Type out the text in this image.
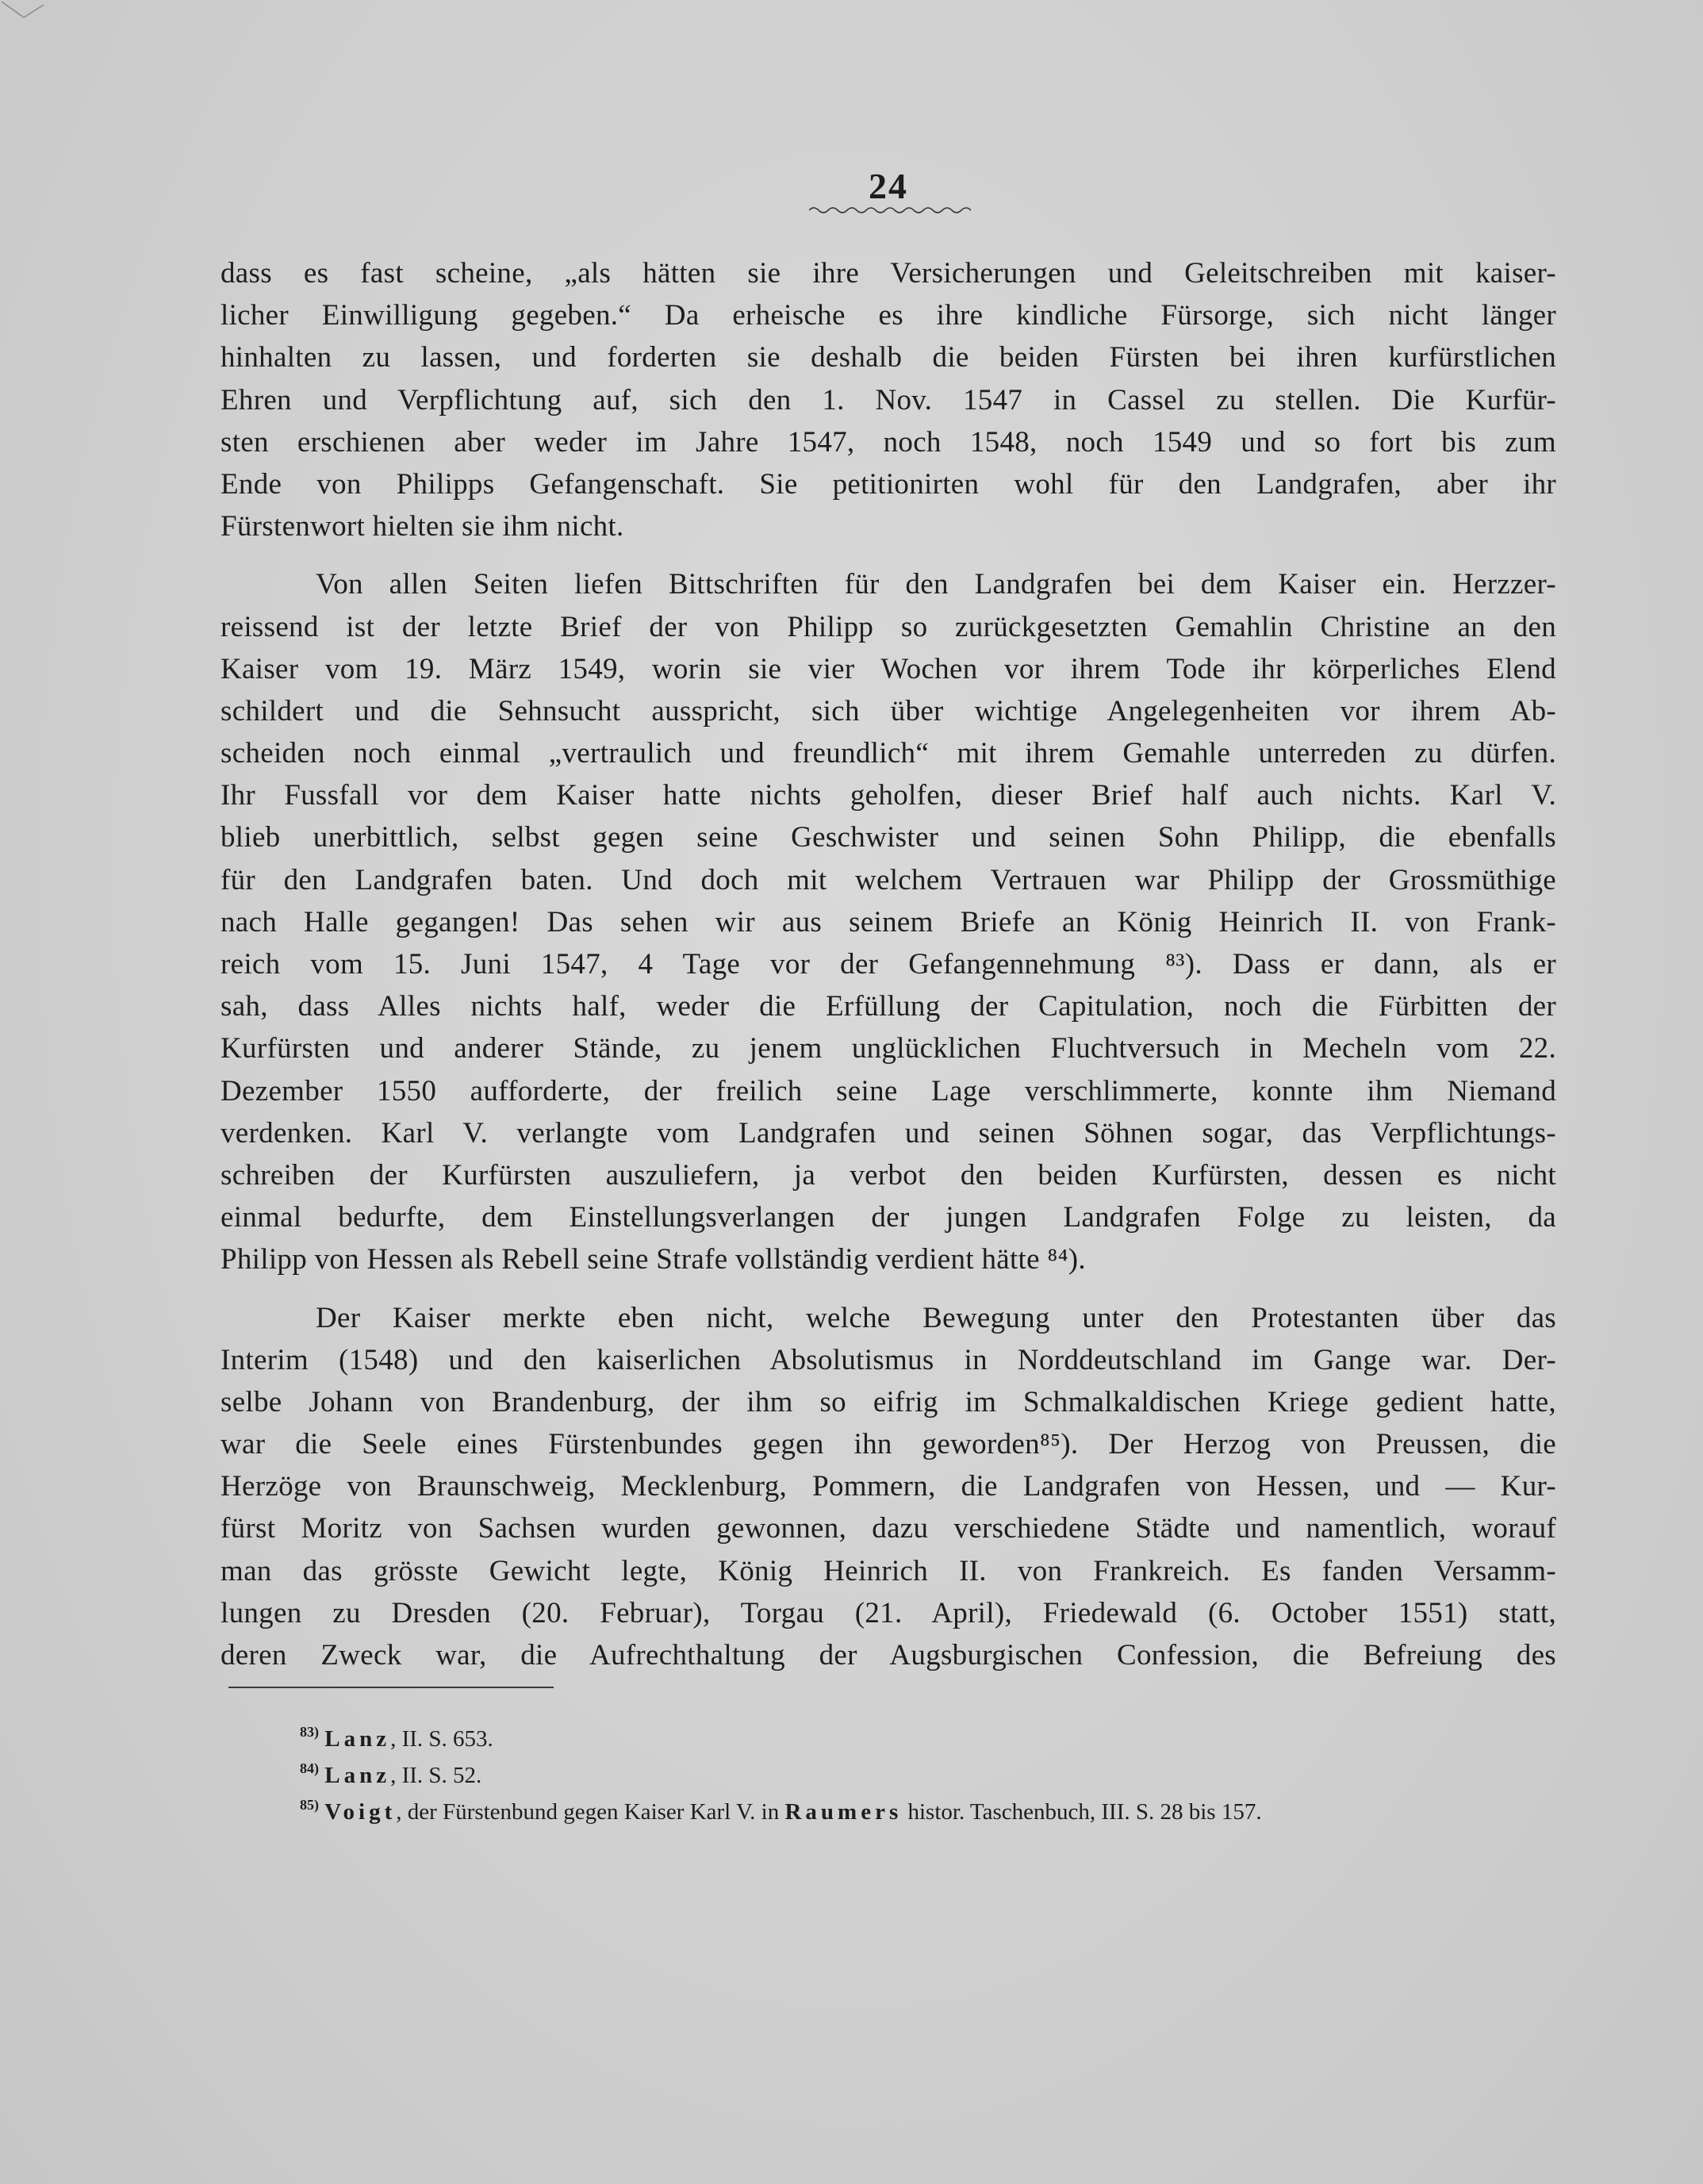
24
dass es fast scheine, „als hätten sie ihre Versicherungen und Geleitschreiben mit kaiser-
licher Einwilligung gegeben.“ Da erheische es ihre kindliche Fürsorge, sich nicht länger
hinhalten zu lassen, und forderten sie deshalb die beiden Fürsten bei ihren kurfürstlichen
Ehren und Verpflichtung auf, sich den 1. Nov. 1547 in Cassel zu stellen. Die Kurfür-
sten erschienen aber weder im Jahre 1547, noch 1548, noch 1549 und so fort bis zum
Ende von Philipps Gefangenschaft. Sie petitionirten wohl für den Landgrafen, aber ihr
Fürstenwort hielten sie ihm nicht.
Von allen Seiten liefen Bittschriften für den Landgrafen bei dem Kaiser ein. Herzzer-
reissend ist der letzte Brief der von Philipp so zurückgesetzten Gemahlin Christine an den
Kaiser vom 19. März 1549, worin sie vier Wochen vor ihrem Tode ihr körperliches Elend
schildert und die Sehnsucht ausspricht, sich über wichtige Angelegenheiten vor ihrem Ab-
scheiden noch einmal „vertraulich und freundlich“ mit ihrem Gemahle unterreden zu dürfen.
Ihr Fussfall vor dem Kaiser hatte nichts geholfen, dieser Brief half auch nichts. Karl V.
blieb unerbittlich, selbst gegen seine Geschwister und seinen Sohn Philipp, die ebenfalls
für den Landgrafen baten. Und doch mit welchem Vertrauen war Philipp der Grossmüthige
nach Halle gegangen! Das sehen wir aus seinem Briefe an König Heinrich II. von Frank-
reich vom 15. Juni 1547, 4 Tage vor der Gefangennehmung ⁸³). Dass er dann, als er
sah, dass Alles nichts half, weder die Erfüllung der Capitulation, noch die Fürbitten der
Kurfürsten und anderer Stände, zu jenem unglücklichen Fluchtversuch in Mecheln vom 22.
Dezember 1550 aufforderte, der freilich seine Lage verschlimmerte, konnte ihm Niemand
verdenken. Karl V. verlangte vom Landgrafen und seinen Söhnen sogar, das Verpflichtungs-
schreiben der Kurfürsten auszuliefern, ja verbot den beiden Kurfürsten, dessen es nicht
einmal bedurfte, dem Einstellungsverlangen der jungen Landgrafen Folge zu leisten, da
Philipp von Hessen als Rebell seine Strafe vollständig verdient hätte ⁸⁴).
Der Kaiser merkte eben nicht, welche Bewegung unter den Protestanten über das
Interim (1548) und den kaiserlichen Absolutismus in Norddeutschland im Gange war. Der-
selbe Johann von Brandenburg, der ihm so eifrig im Schmalkaldischen Kriege gedient hatte,
war die Seele eines Fürstenbundes gegen ihn geworden⁸⁵). Der Herzog von Preussen, die
Herzöge von Braunschweig, Mecklenburg, Pommern, die Landgrafen von Hessen, und — Kur-
fürst Moritz von Sachsen wurden gewonnen, dazu verschiedene Städte und namentlich, worauf
man das grösste Gewicht legte, König Heinrich II. von Frankreich. Es fanden Versamm-
lungen zu Dresden (20. Februar), Torgau (21. April), Friedewald (6. October 1551) statt,
deren Zweck war, die Aufrechthaltung der Augsburgischen Confession, die Befreiung des
$^{83)}$ Lanz, II. S. 653.
$^{84)}$ Lanz, II. S. 52.
$^{85)}$ Voigt, der Fürstenbund gegen Kaiser Karl V. in Raumers histor. Taschenbuch, III. S. 28 bis 157.
